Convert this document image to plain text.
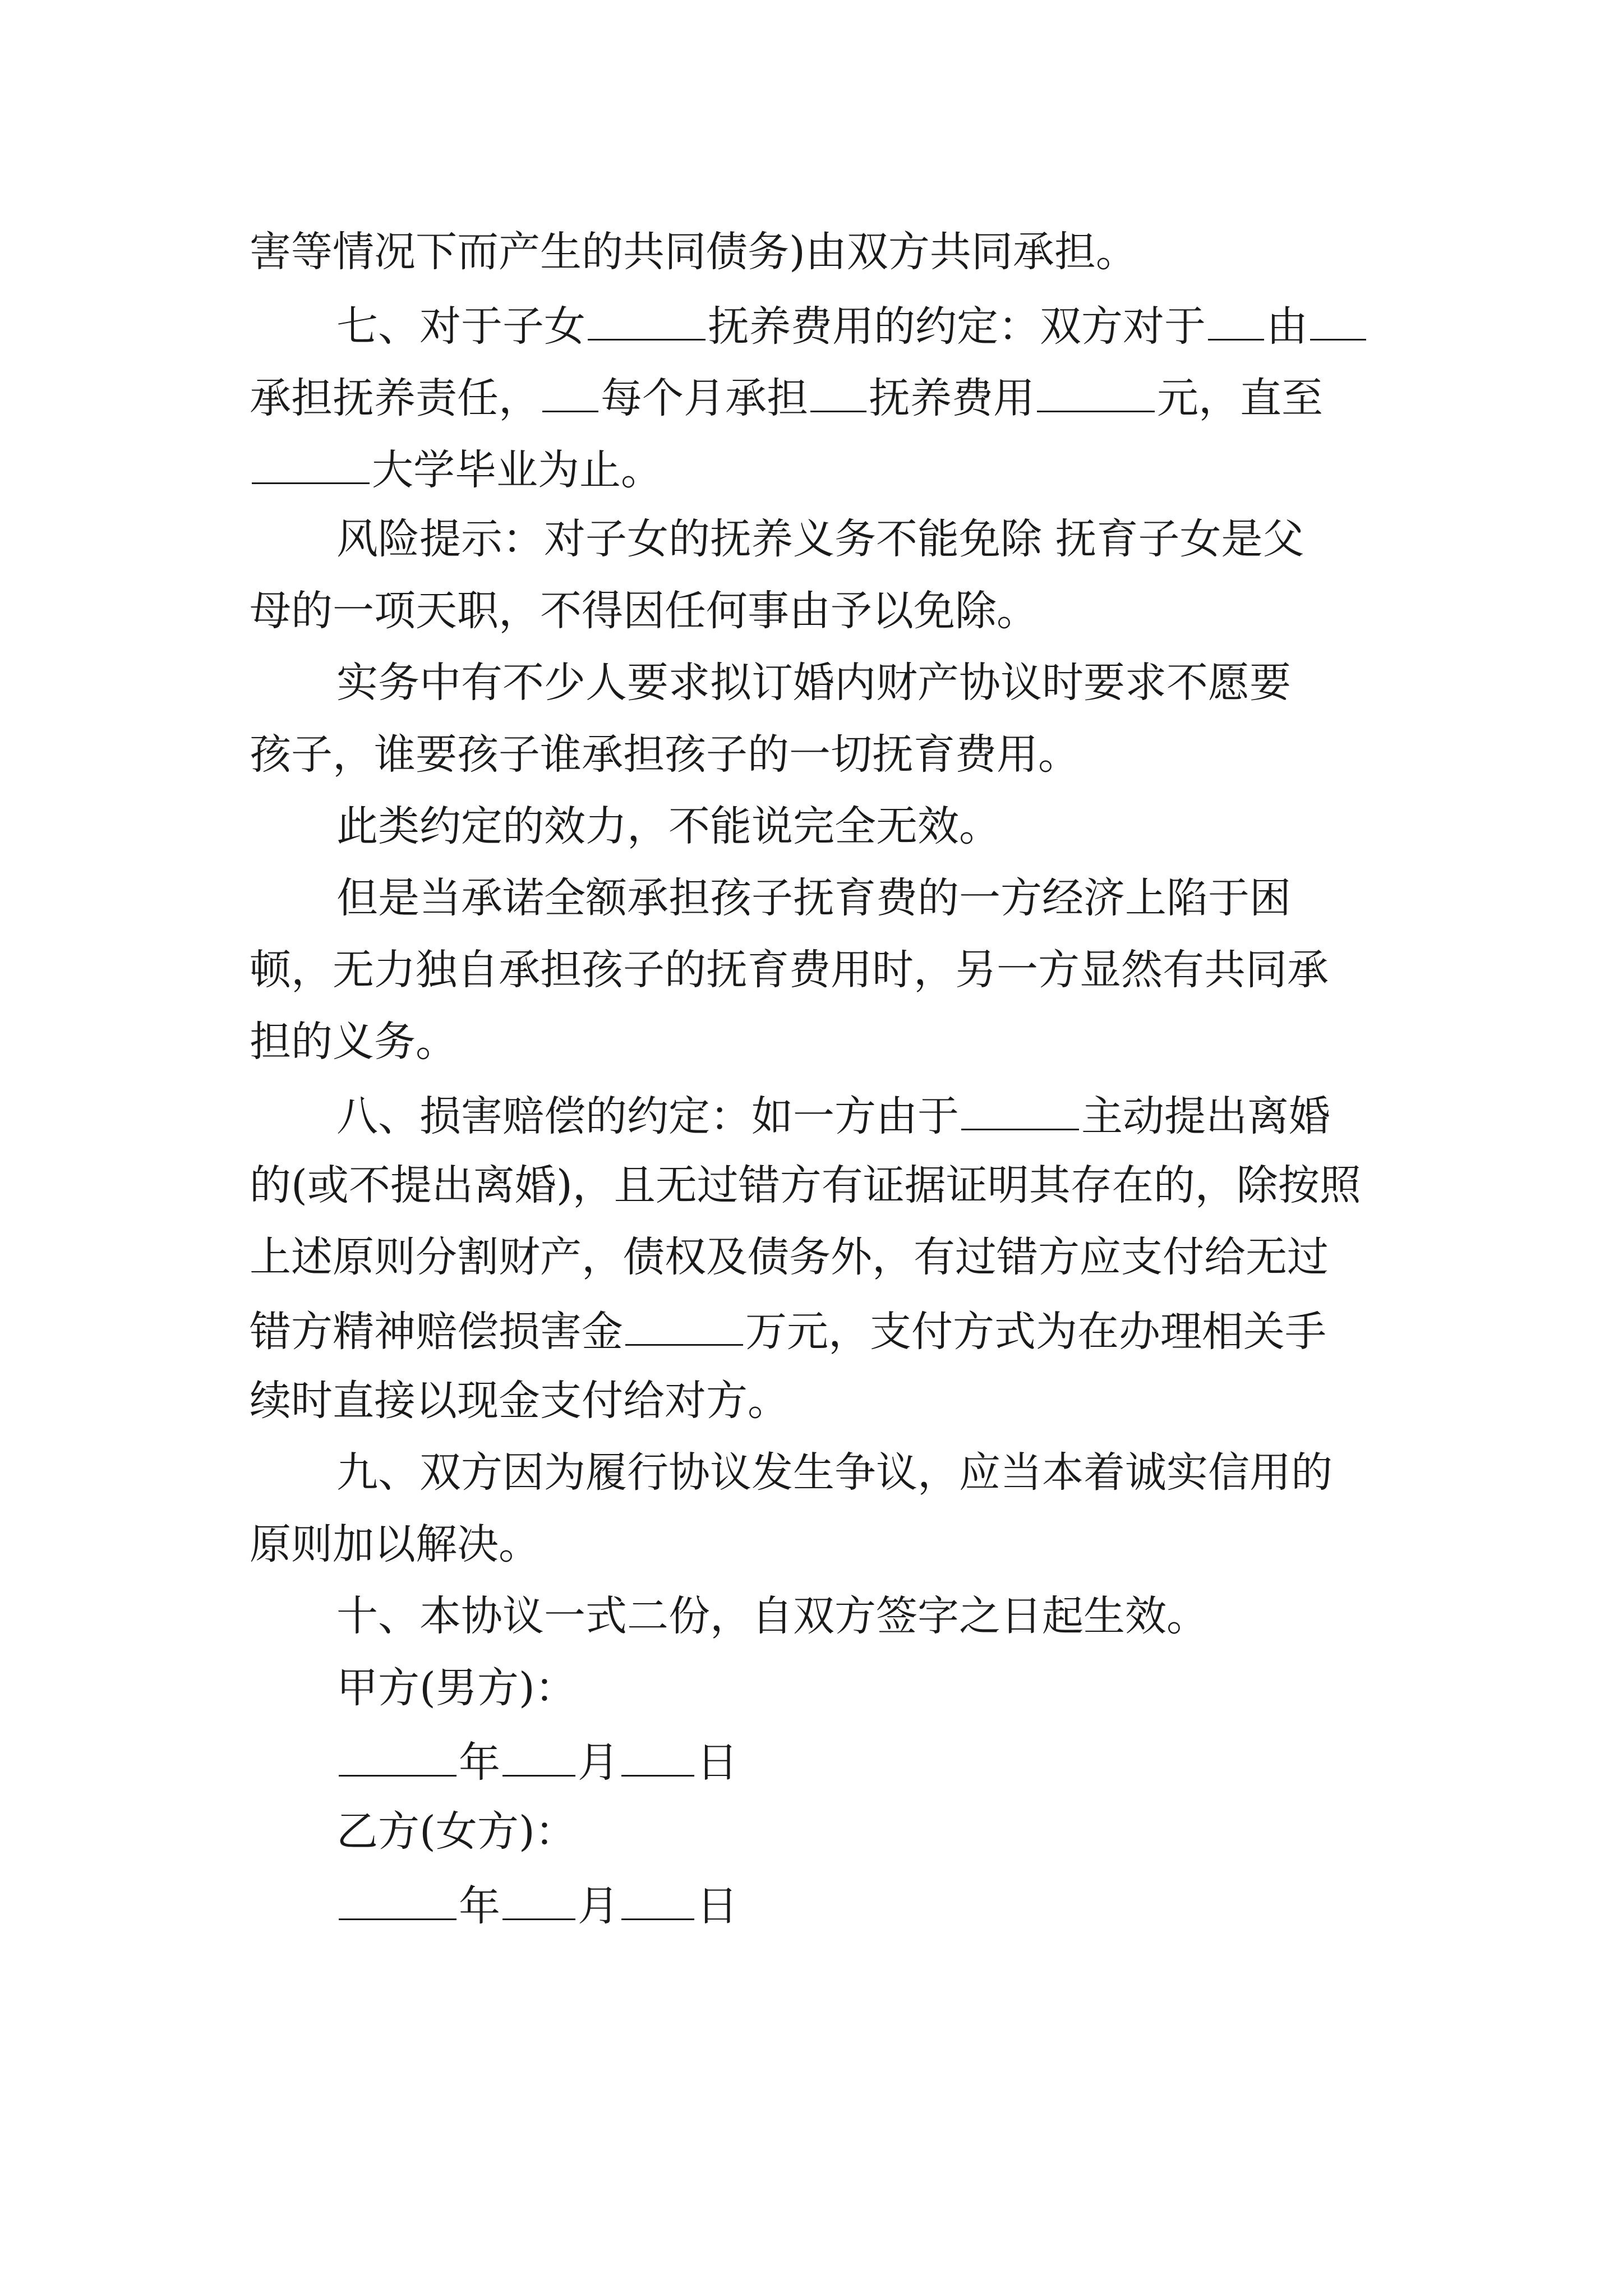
害等情况下而产生的共同债务)由双方共同承担。
七、对于子女	抚养费用的约定：双方对于 由
承担抚养责任， 每个月承担 抚养费用	元，直至
大学毕业为止。
风险提示：对子女的抚养义务不能免除 抚育子女是父
母的一项天职，不得因任何事由予以免除。
实务中有不少人要求拟订婚内财产协议时要求不愿要
孩子，谁要孩子谁承担孩子的一切抚育费用。
此类约定的效力，不能说完全无效。
但是当承诺全额承担孩子抚育费的一方经济上陷于困
顿，无力独自承担孩子的抚育费用时，另一方显然有共同承
担的义务。
八、损害赔偿的约定：如一方由于	主动提出离婚
的(或不提出离婚)，且无过错方有证据证明其存在的，除按照
上述原则分割财产，债权及债务外，有过错方应支付给无过
错方精神赔偿损害金	万元，支付方式为在办理相关手
续时直接以现金支付给对方。
九、双方因为履行协议发生争议，应当本着诚实信用的
原则加以解决。
十、本协议一式二份，自双方签字之日起生效。
甲方(男方)：
年 月 日
乙方(女方)：
年 月 日
